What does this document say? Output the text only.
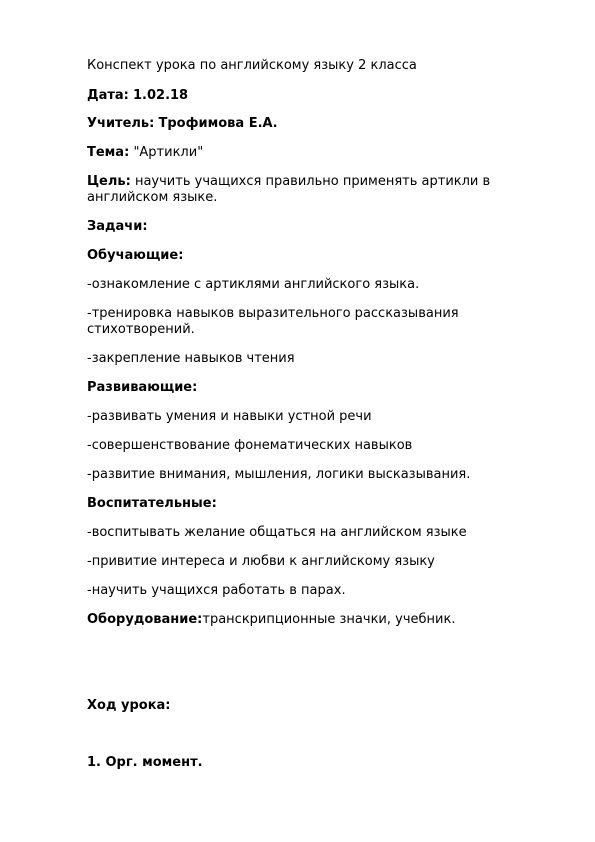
Конспект урока по английскому языку 2 класса

Дата: 1.02.18

Учитель: Трофимова Е.А.

Тема: "Артикли"

Цель: научить учащихся правильно применять артикли в

английском языке.

Задачи:

Обучающие:

-ознакомление с артиклями английского языка.

-тренировка навыков выразительного рассказывания

стихотворений.

-закрепление навыков чтения

Развивающие:

-развивать умения и навыки устной речи

-совершенствование фонематических навыков

-развитие внимания, мышления, логики высказывания.

Воспитательные:

-воспитывать желание общаться на английском языке

-привитие интереса и любви к английскому языку

-научить учащихся работать в парах.

Оборудование:транскрипционные значки, учебник.

Ход урока:

1. Орг. момент.
